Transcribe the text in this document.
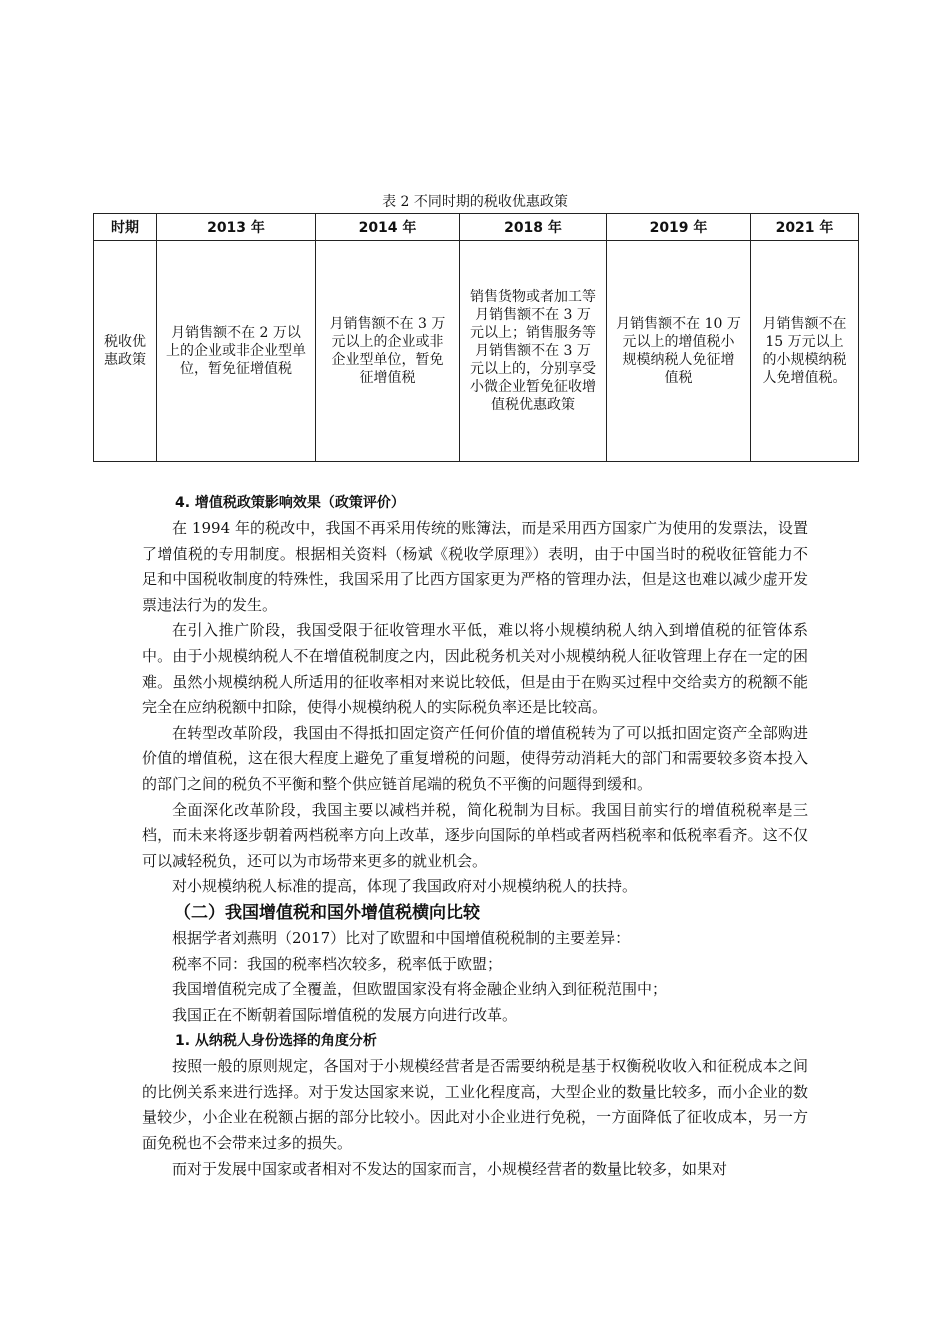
表 2 不同时期的税收优惠政策
时期	2013 年	2014 年	2018 年	2019 年	2021 年
税收优惠政策	月销售额不在 2 万以上的企业或非企业型单位，暂免征增值税	月销售额不在 3 万元以上的企业或非企业型单位，暂免征增值税	销售货物或者加工等月销售额不在 3 万元以上；销售服务等月销售额不在 3 万元以上的，分别享受小微企业暂免征收增值税优惠政策	月销售额不在 10 万元以上的增值税小规模纳税人免征增值税	月销售额不在 15 万元以上的小规模纳税人免增值税。
4. 增值税政策影响效果（政策评价）

在 1994 年的税改中，我国不再采用传统的账簿法，而是采用西方国家广为使用的发票法，设置了增值税的专用制度。根据相关资料（杨斌《税收学原理》）表明，由于中国当时的税收征管能力不足和中国税收制度的特殊性，我国采用了比西方国家更为严格的管理办法，但是这也难以减少虚开发票违法行为的发生。

在引入推广阶段，我国受限于征收管理水平低，难以将小规模纳税人纳入到增值税的征管体系中。由于小规模纳税人不在增值税制度之内，因此税务机关对小规模纳税人征收管理上存在一定的困难。虽然小规模纳税人所适用的征收率相对来说比较低，但是由于在购买过程中交给卖方的税额不能完全在应纳税额中扣除，使得小规模纳税人的实际税负率还是比较高。

在转型改革阶段，我国由不得抵扣固定资产任何价值的增值税转为了可以抵扣固定资产全部购进价值的增值税，这在很大程度上避免了重复增税的问题，使得劳动消耗大的部门和需要较多资本投入的部门之间的税负不平衡和整个供应链首尾端的税负不平衡的问题得到缓和。

全面深化改革阶段，我国主要以减档并税，简化税制为目标。我国目前实行的增值税税率是三档，而未来将逐步朝着两档税率方向上改革，逐步向国际的单档或者两档税率和低税率看齐。这不仅可以减轻税负，还可以为市场带来更多的就业机会。

对小规模纳税人标准的提高，体现了我国政府对小规模纳税人的扶持。

（二）我国增值税和国外增值税横向比较

根据学者刘燕明（2017）比对了欧盟和中国增值税税制的主要差异：

税率不同：我国的税率档次较多，税率低于欧盟；

我国增值税完成了全覆盖，但欧盟国家没有将金融企业纳入到征税范围中；

我国正在不断朝着国际增值税的发展方向进行改革。

1. 从纳税人身份选择的角度分析

按照一般的原则规定，各国对于小规模经营者是否需要纳税是基于权衡税收收入和征税成本之间的比例关系来进行选择。对于发达国家来说，工业化程度高，大型企业的数量比较多，而小企业的数量较少，小企业在税额占据的部分比较小。因此对小企业进行免税，一方面降低了征收成本，另一方面免税也不会带来过多的损失。

而对于发展中国家或者相对不发达的国家而言，小规模经营者的数量比较多，如果对
